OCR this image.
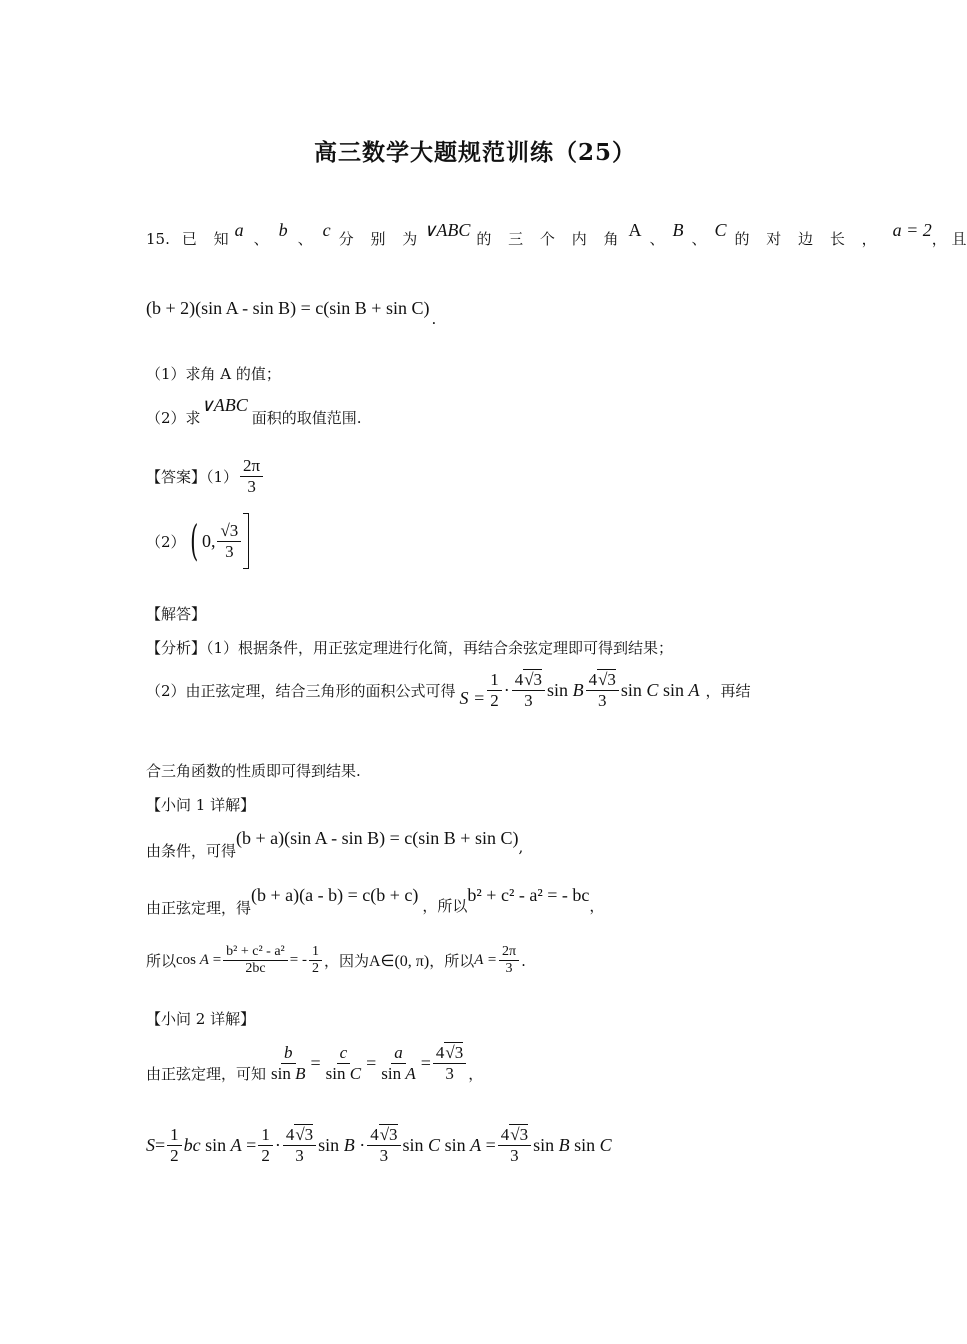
高三数学大题规范训练（25）
15. 已 知 a 、 b 、 c 分 别 为 ∨ABC 的 三 个 内 角 A 、 B 、 C 的 对 边 长 ， a = 2 ， 且
(b + 2)(sin A - sin B) = c(sin B + sin C)
.
（1）求角 A 的值；
（2）求
∨ABC
面积的取值范围.
【答案】$(1) \frac{2\pi}{3}$
（2） ( 0, $\frac{√3}{3}$
【解答】
【分析】（1）根据条件，用正弦定理进行化简，再结合余弦定理即可得到结果；
（2）由正弦定理，结合三角形的面积公式可得 $S = \frac{1}{2} \cdot \frac{4√3}{3}$ sin B $\frac{4√3}{3}$ sin C sin A ，再结
合三角函数的性质即可得到结果.
【小问 1 详解】
由条件，可得
(b + a)(sin A - sin B) = c(sin B + sin C) ,
由正弦定理，得
(b + a)(a - b) = c(b + c)
，所以
b² + c² - a² = - bc
，
所以 $\cos A = \frac{\text{b² + c² - a²}}{2bc}$ = - $\frac{1}{2}$ ，因为 A∈(0, π) ，所以 $A = \frac{2\pi}{3}$ .
【小问 2 详解】
由正弦定理，可知 $\frac{b}{\text{sin B}} = \frac{c}{\text{sin C}} = \frac{a}{\text{sin A}} = \frac{4√3}{3}$ ，
$S = \frac{1}{2}$ bc $\sin A = \frac{1}{2} \cdot \frac{4√3}{3}$ $\sin B \cdot \frac{4√3}{3}$ sin C $\sin A = \frac{4√3}{3}$ sin B sin C
